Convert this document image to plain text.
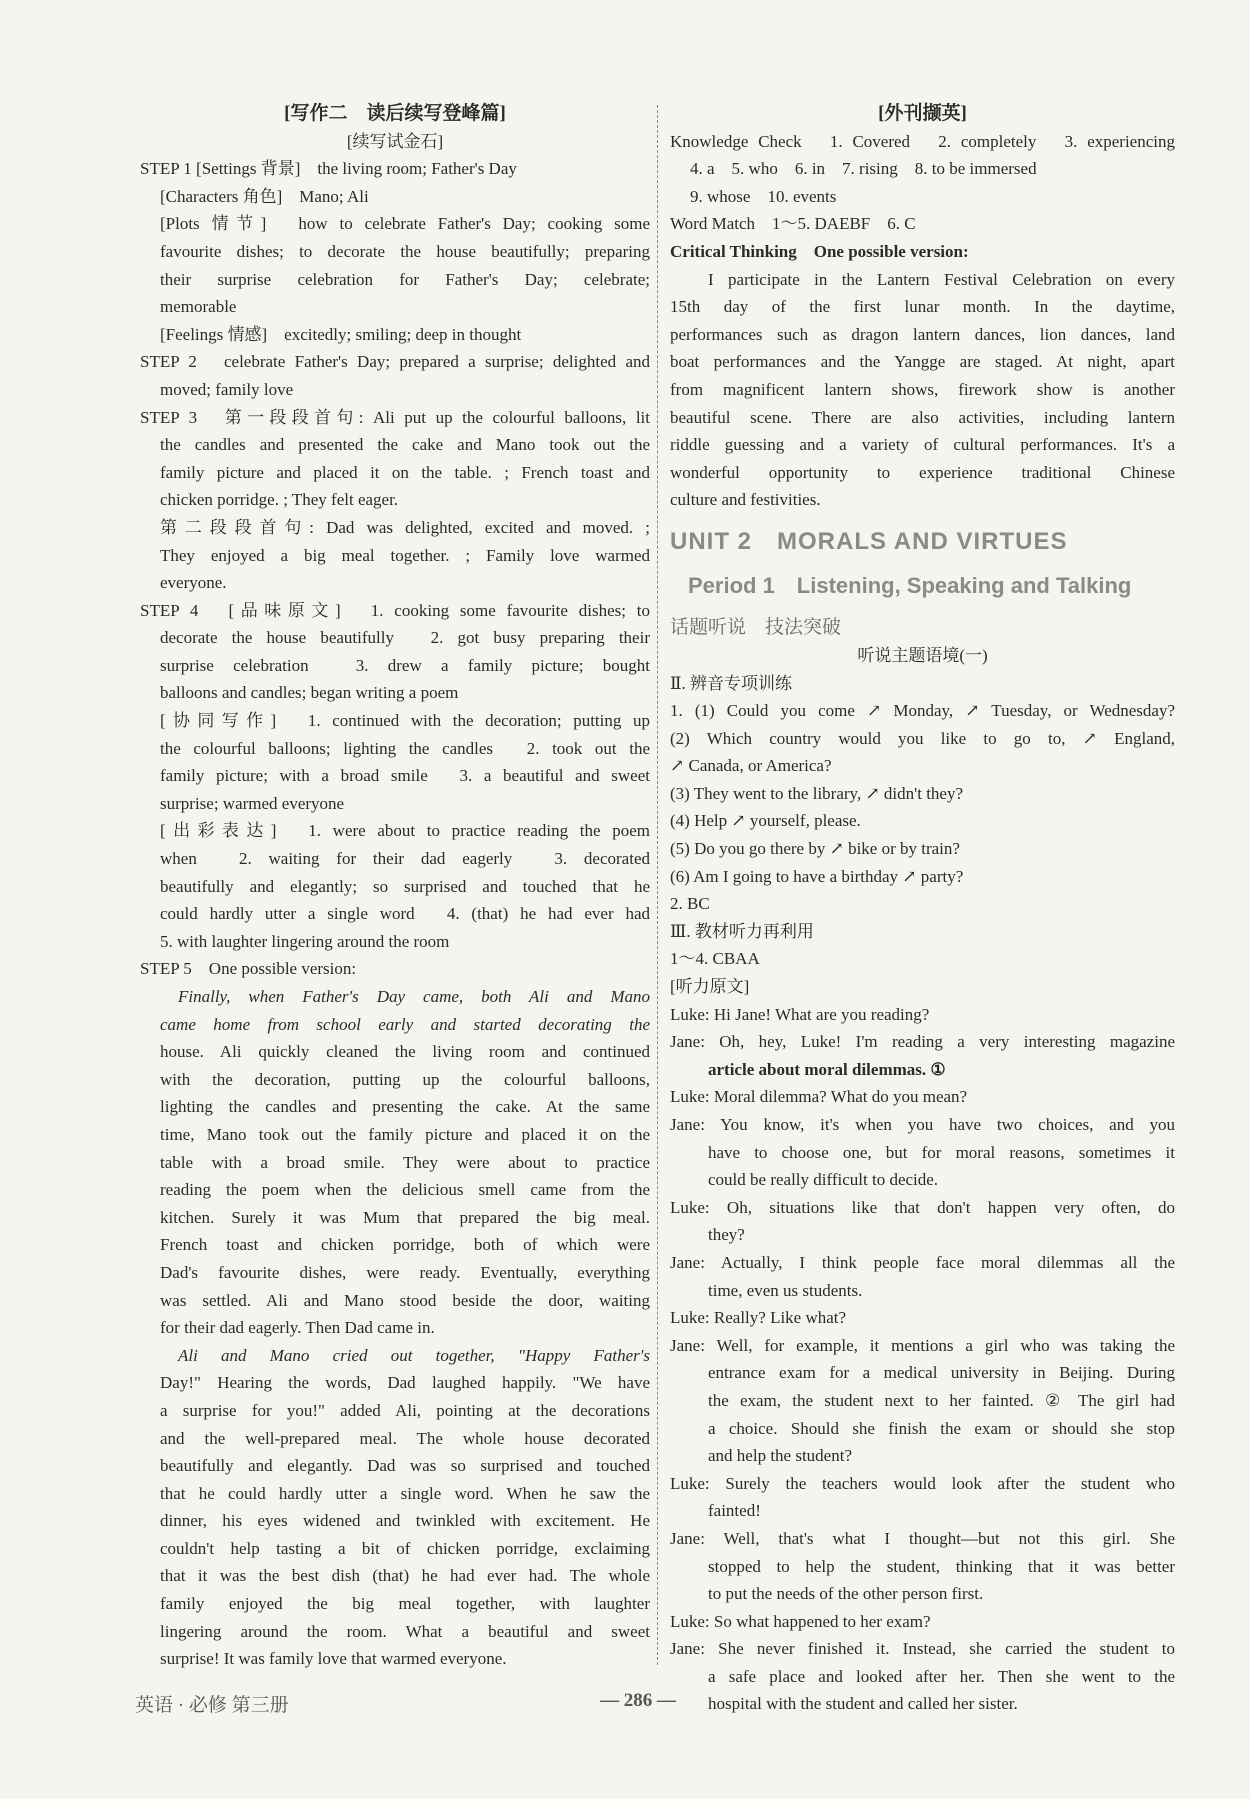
[写作二　读后续写登峰篇]

[续写试金石]

STEP 1 [Settings 背景]　the living room; Father's Day

[Characters 角色]　Mano; Ali

[Plots 情节]　how to celebrate Father's Day; cooking some

favourite dishes; to decorate the house beautifully; preparing

their surprise celebration for Father's Day; celebrate;

memorable

[Feelings 情感]　excitedly; smiling; deep in thought

STEP 2　celebrate Father's Day; prepared a surprise; delighted and

moved; family love

STEP 3　第一段段首句: Ali put up the colourful balloons, lit

the candles and presented the cake and Mano took out the

family picture and placed it on the table. ; French toast and

chicken porridge. ; They felt eager.

第二段段首句: Dad was delighted, excited and moved. ;

They enjoyed a big meal together. ; Family love warmed

everyone.

STEP 4　[品味原文]　1. cooking some favourite dishes; to

decorate the house beautifully　2. got busy preparing their

surprise celebration　3. drew a family picture; bought

balloons and candles; began writing a poem

[协同写作]　1. continued with the decoration; putting up

the colourful balloons; lighting the candles　2. took out the

family picture; with a broad smile　3. a beautiful and sweet

surprise; warmed everyone

[出彩表达]　1. were about to practice reading the poem

when　2. waiting for their dad eagerly　3. decorated

beautifully and elegantly; so surprised and touched that he

could hardly utter a single word　4. (that) he had ever had

5. with laughter lingering around the room

STEP 5　One possible version:

Finally, when Father's Day came, both Ali and Mano

came home from school early and started decorating the

house. Ali quickly cleaned the living room and continued

with the decoration, putting up the colourful balloons,

lighting the candles and presenting the cake. At the same

time, Mano took out the family picture and placed it on the

table with a broad smile. They were about to practice

reading the poem when the delicious smell came from the

kitchen. Surely it was Mum that prepared the big meal.

French toast and chicken porridge, both of which were

Dad's favourite dishes, were ready. Eventually, everything

was settled. Ali and Mano stood beside the door, waiting

for their dad eagerly. Then Dad came in.

Ali and Mano cried out together, "Happy Father's

Day!" Hearing the words, Dad laughed happily. "We have

a surprise for you!" added Ali, pointing at the decorations

and the well-prepared meal. The whole house decorated

beautifully and elegantly. Dad was so surprised and touched

that he could hardly utter a single word. When he saw the

dinner, his eyes widened and twinkled with excitement. He

couldn't help tasting a bit of chicken porridge, exclaiming

that it was the best dish (that) he had ever had. The whole

family enjoyed the big meal together, with laughter

lingering around the room. What a beautiful and sweet

surprise! It was family love that warmed everyone.

[外刊撷英]

Knowledge Check　1. Covered　2. completely　3. experiencing

4. a　5. who　6. in　7. rising　8. to be immersed

9. whose　10. events

Word Match　1～5. DAEBF　6. C

Critical Thinking　One possible version:

I participate in the Lantern Festival Celebration on every

15th day of the first lunar month. In the daytime,

performances such as dragon lantern dances, lion dances, land

boat performances and the Yangge are staged. At night, apart

from magnificent lantern shows, firework show is another

beautiful scene. There are also activities, including lantern

riddle guessing and a variety of cultural performances. It's a

wonderful opportunity to experience traditional Chinese

culture and festivities.

UNIT 2　MORALS AND VIRTUES

Period 1　Listening, Speaking and Talking

话题听说　技法突破

听说主题语境(一)

Ⅱ. 辨音专项训练

1. (1) Could you come ↗ Monday, ↗ Tuesday, or Wednesday?

(2) Which country would you like to go to, ↗ England,

↗ Canada, or America?

(3) They went to the library, ↗ didn't they?

(4) Help ↗ yourself, please.

(5) Do you go there by ↗ bike or by train?

(6) Am I going to have a birthday ↗ party?

2. BC

Ⅲ. 教材听力再利用

1～4. CBAA

[听力原文]

Luke: Hi Jane! What are you reading?

Jane: Oh, hey, Luke! I'm reading a very interesting magazine

article about moral dilemmas. ①

Luke: Moral dilemma? What do you mean?

Jane: You know, it's when you have two choices, and you

have to choose one, but for moral reasons, sometimes it

could be really difficult to decide.

Luke: Oh, situations like that don't happen very often, do

they?

Jane: Actually, I think people face moral dilemmas all the

time, even us students.

Luke: Really? Like what?

Jane: Well, for example, it mentions a girl who was taking the

entrance exam for a medical university in Beijing. During

the exam, the student next to her fainted. ② The girl had

a choice. Should she finish the exam or should she stop

and help the student?

Luke: Surely the teachers would look after the student who

fainted!

Jane: Well, that's what I thought—but not this girl. She

stopped to help the student, thinking that it was better

to put the needs of the other person first.

Luke: So what happened to her exam?

Jane: She never finished it. Instead, she carried the student to

a safe place and looked after her. Then she went to the

hospital with the student and called her sister.

英语 · 必修 第三册	— 286 —
